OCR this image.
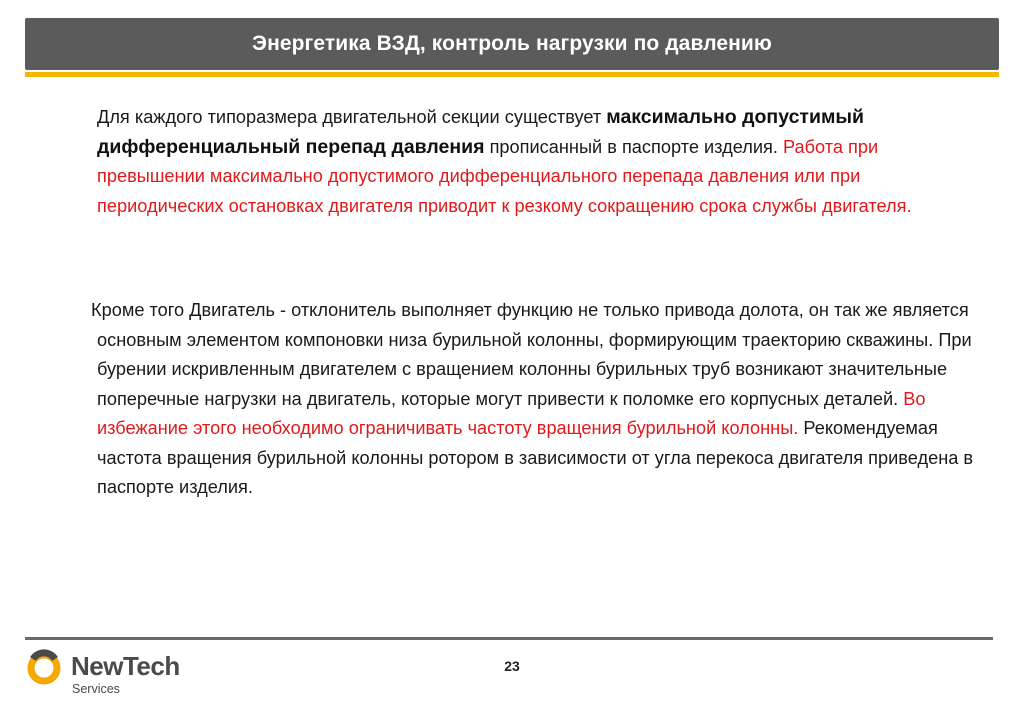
Энергетика ВЗД, контроль нагрузки по давлению
Для каждого типоразмера двигательной секции существует максимально допустимый дифференциальный перепад давления прописанный в паспорте изделия. Работа при превышении максимально допустимого дифференциального перепада давления или при периодических остановках двигателя приводит к резкому сокращению срока службы двигателя.
Кроме того Двигатель - отклонитель выполняет функцию не только привода долота, он так же является основным элементом компоновки низа бурильной колонны, формирующим траекторию скважины. При бурении искривленным двигателем с вращением колонны бурильных труб возникают значительные поперечные нагрузки на двигатель, которые могут привести к поломке его корпусных деталей. Во избежание этого необходимо ограничивать частоту вращения бурильной колонны. Рекомендуемая частота вращения бурильной колонны ротором в зависимости от угла перекоса двигателя приведена в паспорте изделия.
23
NewTech
Services
